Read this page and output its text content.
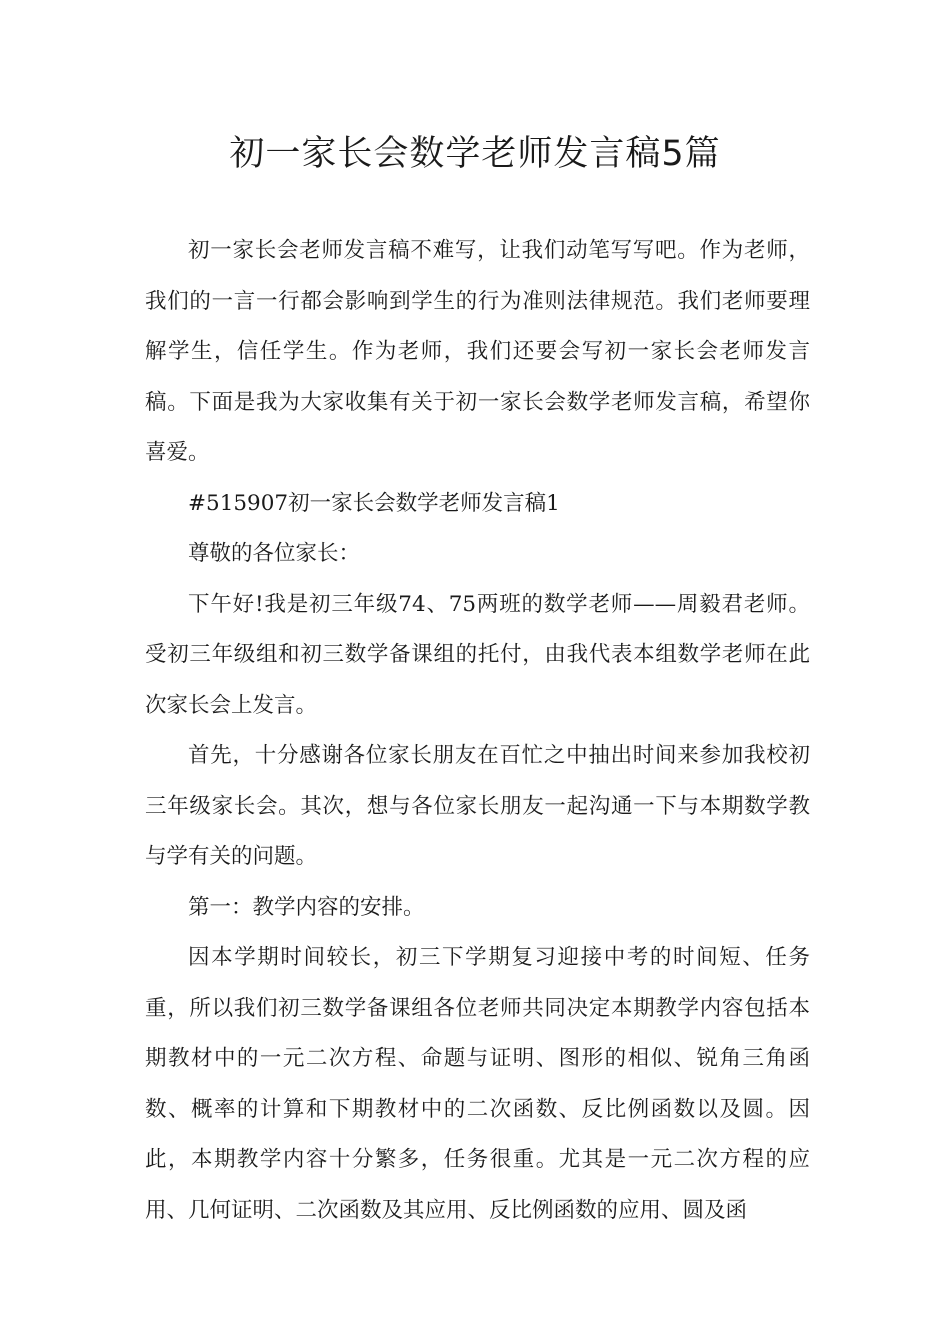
初一家长会数学老师发言稿5篇

初一家长会老师发言稿不难写，让我们动笔写写吧。作为老师，我们的一言一行都会影响到学生的行为准则法律规范。我们老师要理解学生，信任学生。作为老师，我们还要会写初一家长会老师发言稿。下面是我为大家收集有关于初一家长会数学老师发言稿，希望你喜爱。

#515907初一家长会数学老师发言稿1

尊敬的各位家长：

下午好!我是初三年级74、75两班的数学老师——周毅君老师。受初三年级组和初三数学备课组的托付，由我代表本组数学老师在此次家长会上发言。

首先，十分感谢各位家长朋友在百忙之中抽出时间来参加我校初三年级家长会。其次，想与各位家长朋友一起沟通一下与本期数学教与学有关的问题。

第一：教学内容的安排。

因本学期时间较长，初三下学期复习迎接中考的时间短、任务重，所以我们初三数学备课组各位老师共同决定本期教学内容包括本期教材中的一元二次方程、命题与证明、图形的相似、锐角三角函数、概率的计算和下期教材中的二次函数、反比例函数以及圆。因此，本期教学内容十分繁多，任务很重。尤其是一元二次方程的应用、几何证明、二次函数及其应用、反比例函数的应用、圆及函
